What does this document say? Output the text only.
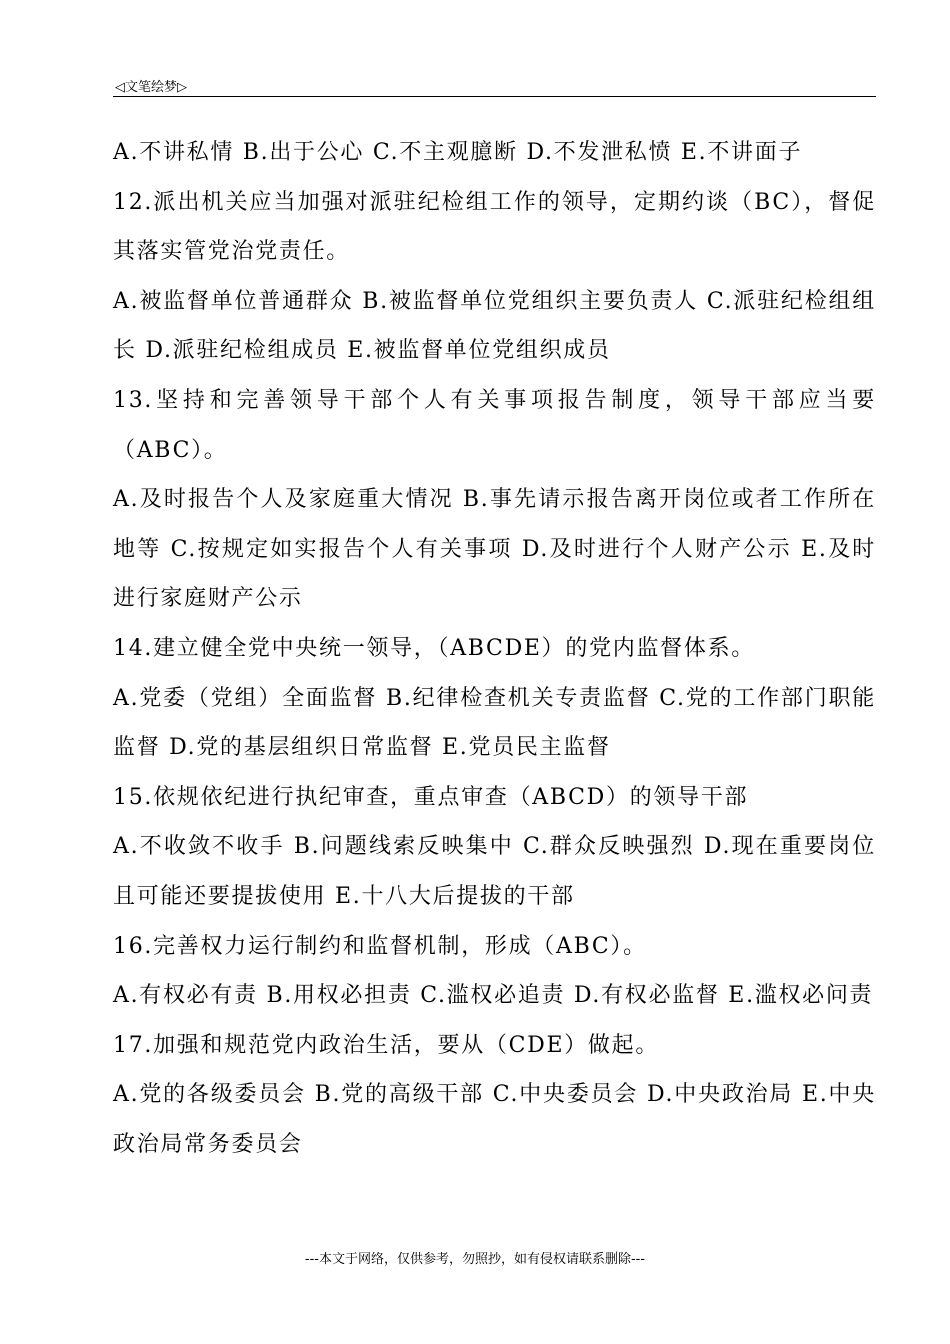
◁文笔绘梦▷

A.不讲私情 B.出于公心 C.不主观臆断 D.不发泄私愤 E.不讲面子

12.派出机关应当加强对派驻纪检组工作的领导，定期约谈（BC），督促其落实管党治党责任。

A.被监督单位普通群众 B.被监督单位党组织主要负责人 C.派驻纪检组组长 D.派驻纪检组成员 E.被监督单位党组织成员

13.坚持和完善领导干部个人有关事项报告制度，领导干部应当要（ABC）。

A.及时报告个人及家庭重大情况 B.事先请示报告离开岗位或者工作所在地等 C.按规定如实报告个人有关事项 D.及时进行个人财产公示 E.及时进行家庭财产公示

14.建立健全党中央统一领导，（ABCDE）的党内监督体系。

A.党委（党组）全面监督 B.纪律检查机关专责监督 C.党的工作部门职能监督 D.党的基层组织日常监督 E.党员民主监督

15.依规依纪进行执纪审查，重点审查（ABCD）的领导干部

A.不收敛不收手 B.问题线索反映集中 C.群众反映强烈 D.现在重要岗位且可能还要提拔使用 E.十八大后提拔的干部

16.完善权力运行制约和监督机制，形成（ABC）。

A.有权必有责 B.用权必担责 C.滥权必追责 D.有权必监督 E.滥权必问责

17.加强和规范党内政治生活，要从（CDE）做起。

A.党的各级委员会 B.党的高级干部 C.中央委员会 D.中央政治局 E.中央政治局常务委员会

---本文于网络，仅供参考，勿照抄，如有侵权请联系删除---
